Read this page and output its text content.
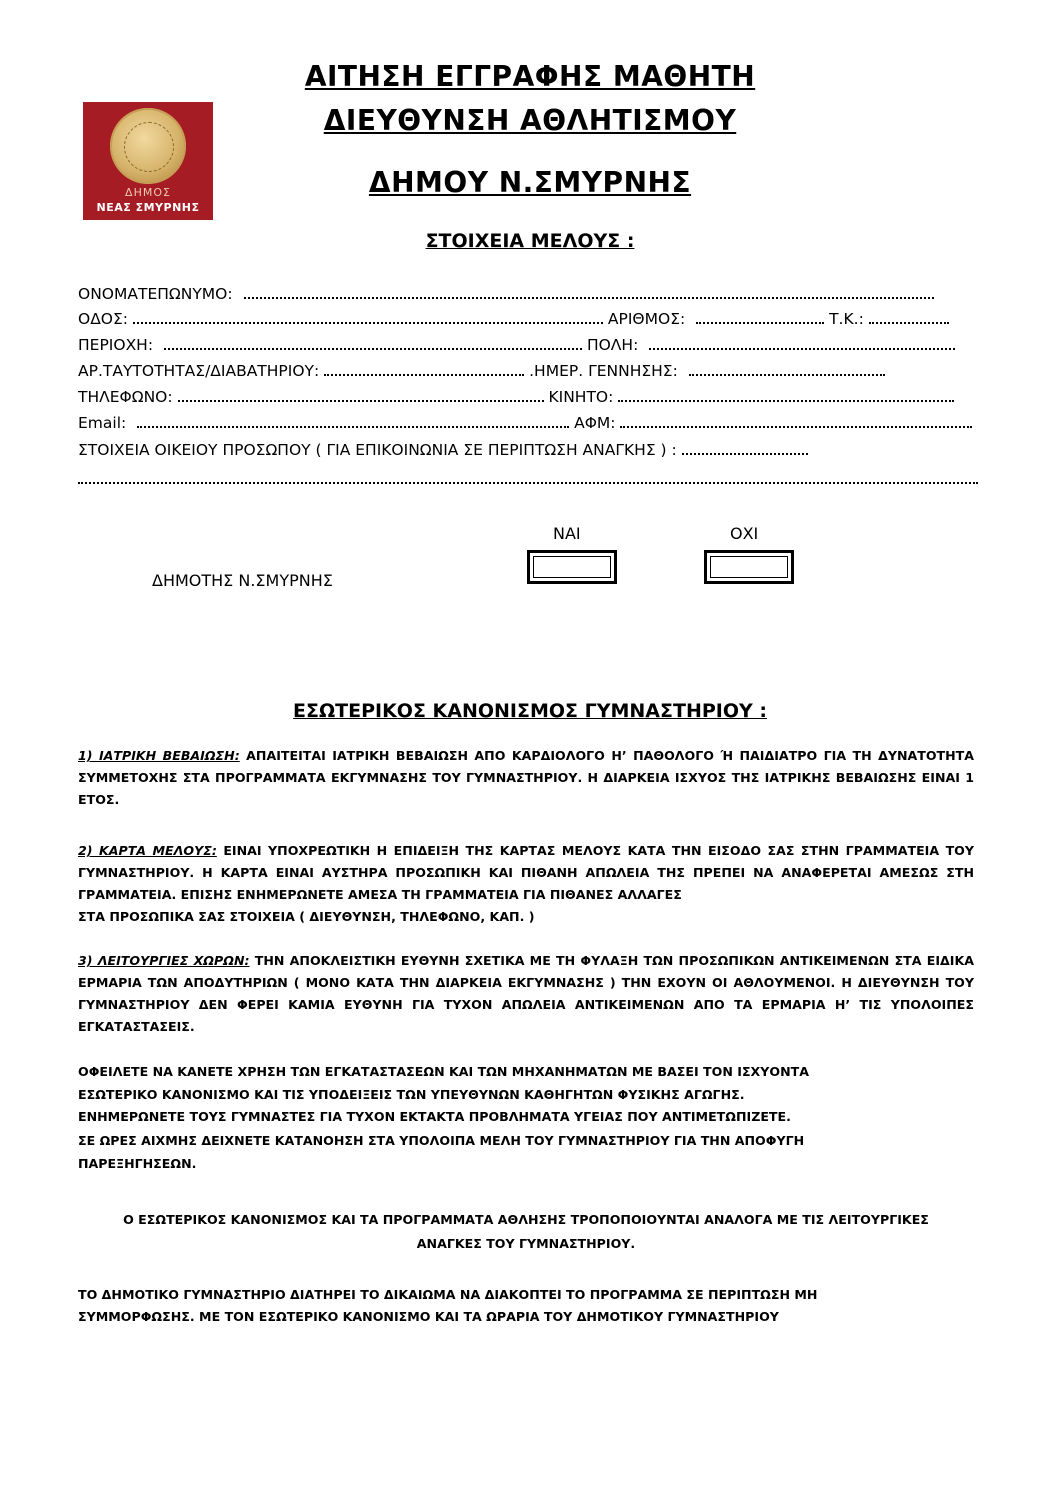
ΔΗΜΟΣ
ΝΕΑΣ ΣΜΥΡΝΗΣ
ΑΙΤΗΣΗ ΕΓΓΡΑΦΗΣ ΜΑΘΗΤΗ
ΔΙΕΥΘΥΝΣΗ ΑΘΛΗΤΙΣΜΟΥ
ΔΗΜΟΥ Ν.ΣΜΥΡΝΗΣ
ΣΤΟΙΧΕΙΑ ΜΕΛΟΥΣ :
ΟΝΟΜΑΤΕΠΩΝΥΜΟ:
ΟΔΟΣ:	ΑΡΙΘΜΟΣ:	Τ.Κ.:
ΠΕΡΙΟΧΗ:	ΠΟΛΗ:
ΑΡ.ΤΑΥΤΟΤΗΤΑΣ/ΔΙΑΒΑΤΗΡΙΟΥ:	.ΗΜΕΡ. ΓΕΝΝΗΣΗΣ:
ΤΗΛΕΦΩΝΟ:	ΚΙΝΗΤΟ:
Email:	ΑΦΜ:
ΣΤΟΙΧΕΙΑ ΟΙΚΕΙΟΥ ΠΡΟΣΩΠΟΥ ( ΓΙΑ ΕΠΙΚΟΙΝΩΝΙΑ ΣΕ ΠΕΡΙΠΤΩΣΗ ΑΝΑΓΚΗΣ ) :
ΝΑΙ	ΟΧΙ
ΔΗΜΟΤΗΣ Ν.ΣΜΥΡΝΗΣ
ΕΣΩΤΕΡΙΚΟΣ ΚΑΝΟΝΙΣΜΟΣ ΓΥΜΝΑΣΤΗΡΙΟΥ :
1) ΙΑΤΡΙΚΗ ΒΕΒΑΙΩΣΗ: ΑΠΑΙΤΕΙΤΑΙ ΙΑΤΡΙΚΗ ΒΕΒΑΙΩΣΗ ΑΠΟ ΚΑΡΔΙΟΛΟΓΟ Η’ ΠΑΘΟΛΟΓΟ Ή ΠΑΙΔΙΑΤΡΟ ΓΙΑ ΤΗ ΔΥΝΑΤΟΤΗΤΑ ΣΥΜΜΕΤΟΧΗΣ ΣΤΑ ΠΡΟΓΡΑΜΜΑΤΑ ΕΚΓΥΜΝΑΣΗΣ ΤΟΥ ΓΥΜΝΑΣΤΗΡΙΟΥ. Η ΔΙΑΡΚΕΙΑ ΙΣΧΥΟΣ ΤΗΣ ΙΑΤΡΙΚΗΣ ΒΕΒΑΙΩΣΗΣ ΕΙΝΑΙ 1 ΕΤΟΣ.
2) ΚΑΡΤΑ ΜΕΛΟΥΣ: ΕΙΝΑΙ ΥΠΟΧΡΕΩΤΙΚΗ Η ΕΠΙΔΕΙΞΗ ΤΗΣ ΚΑΡΤΑΣ ΜΕΛΟΥΣ ΚΑΤΑ ΤΗΝ ΕΙΣΟΔΟ ΣΑΣ ΣΤΗΝ ΓΡΑΜΜΑΤΕΙΑ ΤΟΥ ΓΥΜΝΑΣΤΗΡΙΟΥ. Η ΚΑΡΤΑ ΕΙΝΑΙ ΑΥΣΤΗΡΑ ΠΡΟΣΩΠΙΚΗ ΚΑΙ ΠΙΘΑΝΗ ΑΠΩΛΕΙΑ ΤΗΣ ΠΡΕΠΕΙ ΝΑ ΑΝΑΦΕΡΕΤΑΙ ΑΜΕΣΩΣ ΣΤΗ ΓΡΑΜΜΑΤΕΙΑ. ΕΠΙΣΗΣ ΕΝΗΜΕΡΩΝΕΤΕ ΑΜΕΣΑ ΤΗ ΓΡΑΜΜΑΤΕΙΑ ΓΙΑ ΠΙΘΑΝΕΣ ΑΛΛΑΓΕΣ
ΣΤΑ ΠΡΟΣΩΠΙΚΑ ΣΑΣ ΣΤΟΙΧΕΙΑ ( ΔΙΕΥΘΥΝΣΗ, ΤΗΛΕΦΩΝΟ, ΚΑΠ. )
3) ΛΕΙΤΟΥΡΓΙΕΣ ΧΩΡΩΝ: ΤΗΝ ΑΠΟΚΛΕΙΣΤΙΚΗ ΕΥΘΥΝΗ ΣΧΕΤΙΚΑ ΜΕ ΤΗ ΦΥΛΑΞΗ ΤΩΝ ΠΡΟΣΩΠΙΚΩΝ ΑΝΤΙΚΕΙΜΕΝΩΝ ΣΤΑ ΕΙΔΙΚΑ ΕΡΜΑΡΙΑ ΤΩΝ ΑΠΟΔΥΤΗΡΙΩΝ ( ΜΟΝΟ ΚΑΤΑ ΤΗΝ ΔΙΑΡΚΕΙΑ ΕΚΓΥΜΝΑΣΗΣ ) ΤΗΝ ΕΧΟΥΝ ΟΙ ΑΘΛΟΥΜΕΝΟΙ. Η ΔΙΕΥΘΥΝΣΗ ΤΟΥ ΓΥΜΝΑΣΤΗΡΙΟΥ ΔΕΝ ΦΕΡΕΙ ΚΑΜΙΑ ΕΥΘΥΝΗ ΓΙΑ ΤΥΧΟΝ ΑΠΩΛΕΙΑ ΑΝΤΙΚΕΙΜΕΝΩΝ ΑΠΟ ΤΑ ΕΡΜΑΡΙΑ Η’ ΤΙΣ ΥΠΟΛΟΙΠΕΣ ΕΓΚΑΤΑΣΤΑΣΕΙΣ.
ΟΦΕΙΛΕΤΕ ΝΑ ΚΑΝΕΤΕ ΧΡΗΣΗ ΤΩΝ ΕΓΚΑΤΑΣΤΑΣΕΩΝ ΚΑΙ ΤΩΝ ΜΗΧΑΝΗΜΑΤΩΝ ΜΕ ΒΑΣΕΙ ΤΟΝ ΙΣΧΥΟΝΤΑ
ΕΣΩΤΕΡΙΚΟ ΚΑΝΟΝΙΣΜΟ ΚΑΙ ΤΙΣ ΥΠΟΔΕΙΞΕΙΣ ΤΩΝ ΥΠΕΥΘΥΝΩΝ ΚΑΘΗΓΗΤΩΝ ΦΥΣΙΚΗΣ ΑΓΩΓΗΣ.
ΕΝΗΜΕΡΩΝΕΤΕ ΤΟΥΣ ΓΥΜΝΑΣΤΕΣ ΓΙΑ ΤΥΧΟΝ ΕΚΤΑΚΤΑ ΠΡΟΒΛΗΜΑΤΑ ΥΓΕΙΑΣ ΠΟΥ ΑΝΤΙΜΕΤΩΠΙΖΕΤΕ.
ΣΕ ΩΡΕΣ ΑΙΧΜΗΣ ΔΕΙΧΝΕΤΕ ΚΑΤΑΝΟΗΣΗ ΣΤΑ ΥΠΟΛΟΙΠΑ ΜΕΛΗ ΤΟΥ ΓΥΜΝΑΣΤΗΡΙΟΥ ΓΙΑ ΤΗΝ ΑΠΟΦΥΓΗ
ΠΑΡΕΞΗΓΗΣΕΩΝ.
Ο ΕΣΩΤΕΡΙΚΟΣ ΚΑΝΟΝΙΣΜΟΣ ΚΑΙ ΤΑ ΠΡΟΓΡΑΜΜΑΤΑ ΑΘΛΗΣΗΣ ΤΡΟΠΟΠΟΙΟΥΝΤΑΙ ΑΝΑΛΟΓΑ ΜΕ ΤΙΣ ΛΕΙΤΟΥΡΓΙΚΕΣ
ΑΝΑΓΚΕΣ ΤΟΥ ΓΥΜΝΑΣΤΗΡΙΟΥ.
ΤΟ ΔΗΜΟΤΙΚΟ ΓΥΜΝΑΣΤΗΡΙΟ ΔΙΑΤΗΡΕΙ ΤΟ ΔΙΚΑΙΩΜΑ ΝΑ ΔΙΑΚΟΠΤΕΙ ΤΟ ΠΡΟΓΡΑΜΜΑ ΣΕ ΠΕΡΙΠΤΩΣΗ ΜΗ
ΣΥΜΜΟΡΦΩΣΗΣ. ΜΕ ΤΟΝ ΕΣΩΤΕΡΙΚΟ ΚΑΝΟΝΙΣΜΟ ΚΑΙ ΤΑ ΩΡΑΡΙΑ ΤΟΥ ΔΗΜΟΤΙΚΟΥ ΓΥΜΝΑΣΤΗΡΙΟΥ
